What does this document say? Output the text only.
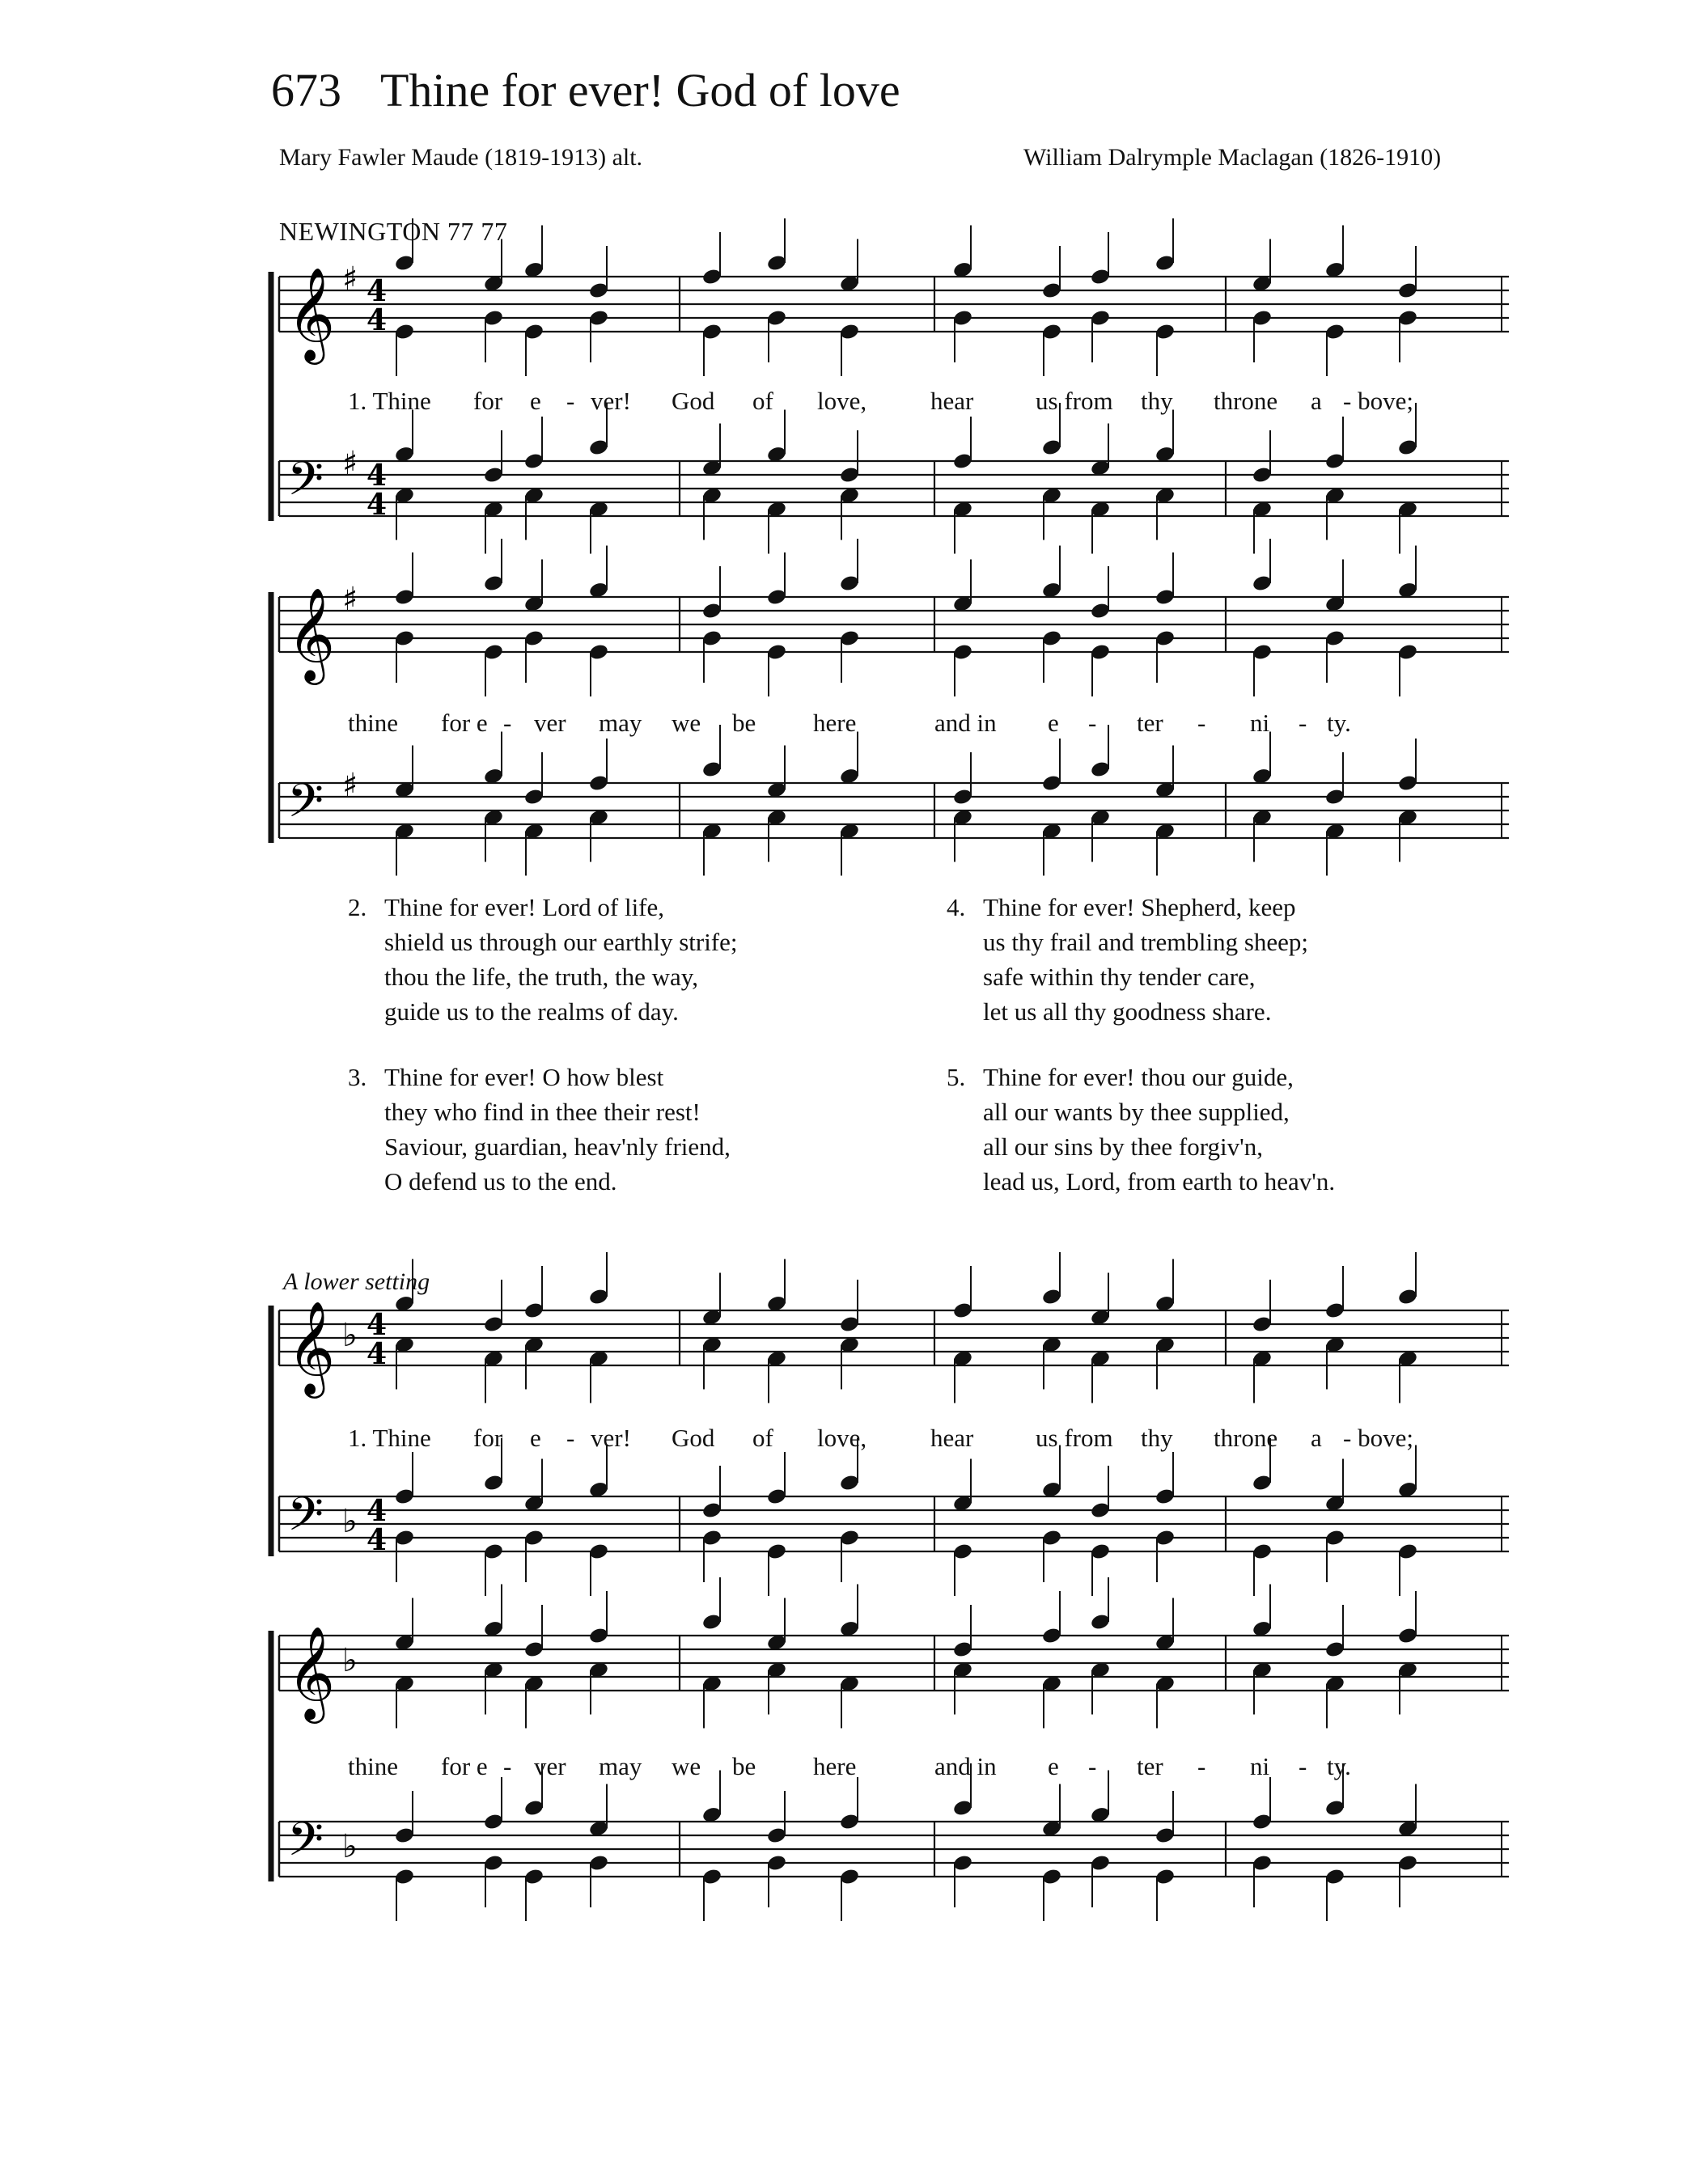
673 Thine for ever! God of love
Mary Fawler Maude (1819-1913) alt.	William Dalrymple Maclagan (1826-1910)
NEWINGTON 77 77
𝄞 ♯ 4
4
𝄢 ♯ 4
4
𝄞 ♯
𝄢 ♯
𝄞 ♭ 4
4
𝄢 ♭ 4
4
𝄞 ♭
𝄢 ♭
1. Thine for e - ver! God of love,	hear us from thy throne a - bove;
thine for e - ver may we be here	and in e - ter - ni - ty.
2. Thine for ever! Lord of life,
shield us through our earthly strife;
thou the life, the truth, the way,
guide us to the realms of day.
3. Thine for ever! O how blest
they who find in thee their rest!
Saviour, guardian, heav'nly friend,
O defend us to the end.
4. Thine for ever! Shepherd, keep
us thy frail and trembling sheep;
safe within thy tender care,
let us all thy goodness share.
5. Thine for ever! thou our guide,
all our wants by thee supplied,
all our sins by thee forgiv'n,
lead us, Lord, from earth to heav'n.
A lower setting
1. Thine for e - ver! God of love,	hear us from thy throne a - bove;
thine for e - ver may we be here	and in e - ter - ni - ty.
